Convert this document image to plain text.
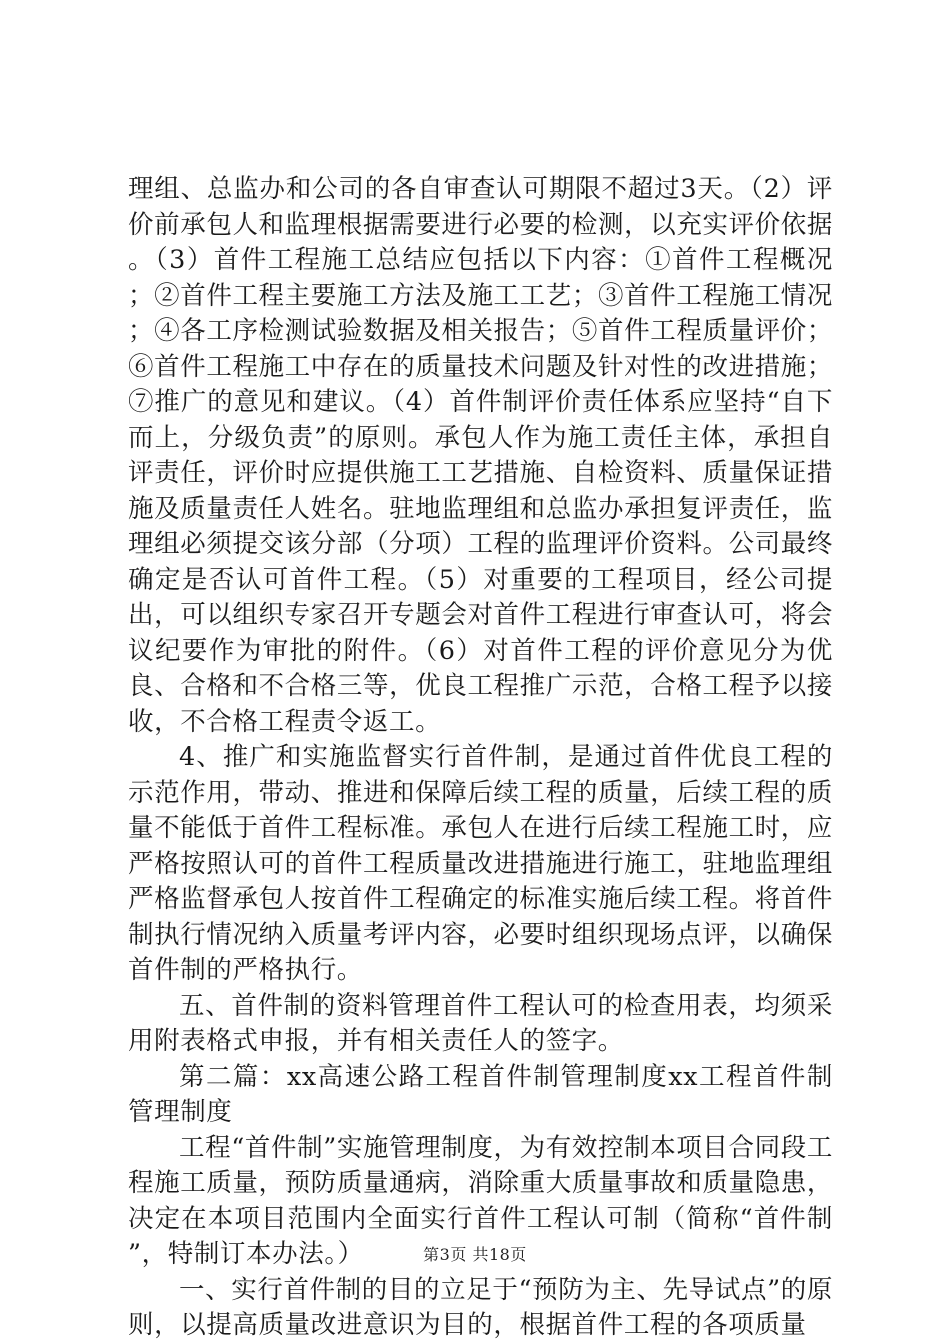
理组、总监办和公司的各自审查认可期限不超过3天。（2）评价前承包人和监理根据需要进行必要的检测，以充实评价依据。（3）首件工程施工总结应包括以下内容：①首件工程概况；②首件工程主要施工方法及施工工艺；③首件工程施工情况；④各工序检测试验数据及相关报告；⑤首件工程质量评价；⑥首件工程施工中存在的质量技术问题及针对性的改进措施；⑦推广的意见和建议。（4）首件制评价责任体系应坚持“自下而上，分级负责”的原则。承包人作为施工责任主体，承担自评责任，评价时应提供施工工艺措施、自检资料、质量保证措施及质量责任人姓名。驻地监理组和总监办承担复评责任，监理组必须提交该分部（分项）工程的监理评价资料。公司最终确定是否认可首件工程。（5）对重要的工程项目，经公司提出，可以组织专家召开专题会对首件工程进行审查认可，将会议纪要作为审批的附件。（6）对首件工程的评价意见分为优良、合格和不合格三等，优良工程推广示范，合格工程予以接收，不合格工程责令返工。

4、推广和实施监督实行首件制，是通过首件优良工程的示范作用，带动、推进和保障后续工程的质量，后续工程的质量不能低于首件工程标准。承包人在进行后续工程施工时，应严格按照认可的首件工程质量改进措施进行施工，驻地监理组严格监督承包人按首件工程确定的标准实施后续工程。将首件制执行情况纳入质量考评内容，必要时组织现场点评，以确保首件制的严格执行。

五、首件制的资料管理首件工程认可的检查用表，均须采用附表格式申报，并有相关责任人的签字。

第二篇：xx高速公路工程首件制管理制度xx工程首件制管理制度

工程“首件制”实施管理制度，为有效控制本项目合同段工程施工质量，预防质量通病，消除重大质量事故和质量隐患，决定在本项目范围内全面实行首件工程认可制（简称“首件制”，特制订本办法。）

一、实行首件制的目的立足于“预防为主、先导试点”的原则，以提高质量改进意识为目的，根据首件工程的各项质量

第3页 共18页
